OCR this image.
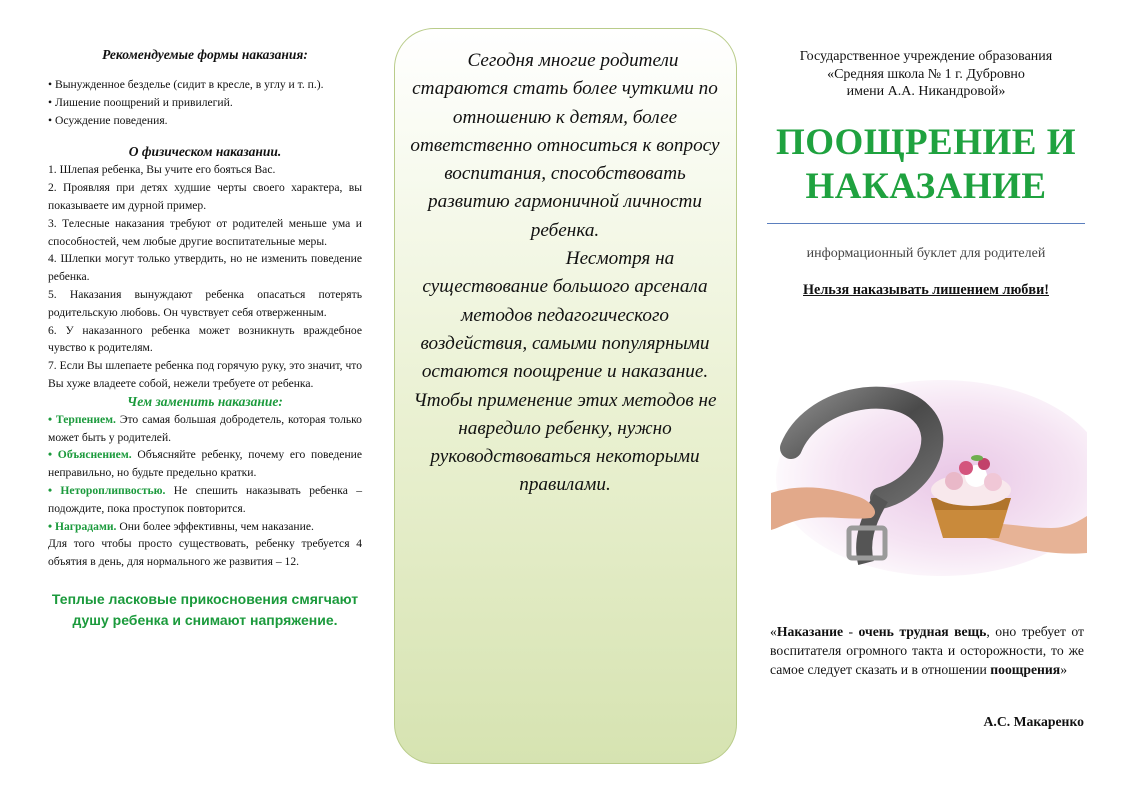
Рекомендуемые формы наказания:
• Вынужденное безделье (сидит в кресле, в углу и т. п.).
• Лишение поощрений и привилегий.
• Осуждение поведения.
О физическом наказании.
1. Шлепая ребенка, Вы учите его бояться Вас.
2. Проявляя при детях худшие черты своего характера, вы показываете им дурной пример.
3. Телесные наказания требуют от родителей меньше ума и способностей, чем любые другие воспитательные меры.
4. Шлепки могут только утвердить, но не изменить поведение ребенка.
5. Наказания вынуждают ребенка опасаться потерять родительскую любовь. Он чувствует себя отверженным.
6. У наказанного ребенка может возникнуть враждебное чувство к родителям.
7. Если Вы шлепаете ребенка под горячую руку, это значит, что Вы хуже владеете собой, нежели требуете от ребенка.
Чем заменить наказание:

• Терпением. Это самая большая добродетель, которая только может быть у родителей.

• Объяснением. Объясняйте ребенку, почему его поведение неправильно, но будьте предельно кратки.

• Нетороплипвостью. Не спешить наказывать ребенка – подождите, пока проступок повторится.

• Наградами. Они более эффективны, чем наказание.

Для того чтобы просто существовать, ребенку требуется 4 объятия в день, для нормального же развития – 12.

Теплые ласковые прикосновения смягчают душу ребенка и снимают напряжение.

Сегодня многие родители стараются стать более чуткими по отношению к детям, более ответственно относиться к вопросу воспитания, способствовать развитию гармоничной личности ребенка.

Несмотря на существование большого арсенала методов педагогического воздействия, самыми популярными остаются поощрение и наказание. Чтобы применение этих методов не навредило ребенку, нужно руководствоваться некоторыми правилами.

Государственное учреждение образования
«Средняя школа № 1 г. Дубровно
имени А.А. Никандровой»
ПООЩРЕНИЕ И
НАКАЗАНИЕ
информационный буклет для родителей
Нельзя наказывать лишением любви!
«Наказание - очень трудная вещь, оно требует от воспитателя огромного такта и осторожности, то же самое следует сказать и в отношении поощрения»
А.С. Макаренко
